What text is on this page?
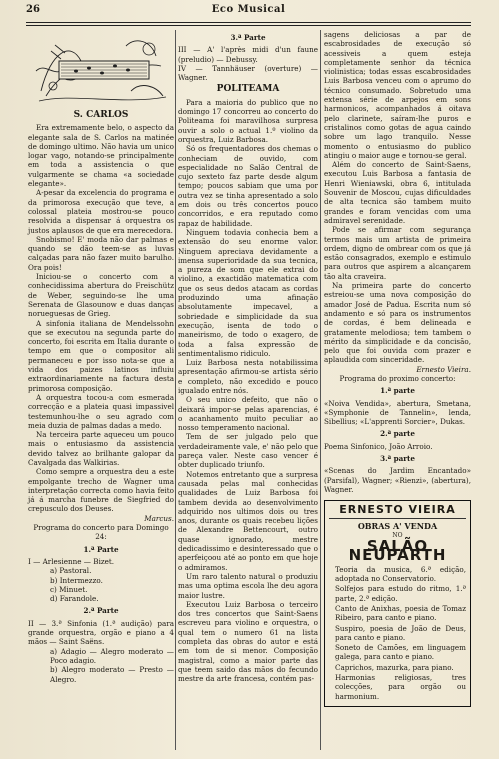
26	Eco Musical
S. CARLOS

Era extremamente belo, o aspecto da elegante sala de S. Carlos na matinée de domingo ultimo. Não havia um unico logar vago, notando-se principalmente em toda a assistencia o que vulgarmente se chama «a sociedade elegante».

A-pesar da excelencia do programa e da primorosa execução que teve, a colossal plateia mostrou-se pouco resolvida a dispensar á orquestra os justos aplausos de que era merecedora.

Snobismo! E' moda não dar palmas e quando se dão teem-se as luvas calçadas para não fazer muito barulho. Ora pois!

Iniciou-se o concerto com a conhecidissima abertura do Freischütz de Weber, seguindo-se lhe uma Serenata de Glasounow e duas danças norueguesas de Grieg.

A sinfonia italiana de Mendelssohn que se executou na segunda parte do concerto, foi escrita em Italia durante o tempo em que o compositor ali permaneceu e por isso nota-se que a vida dos paizes latinos influiu extraordinariamente na factura desta primorosa composição.

A orquestra tocou-a com esmerada correcção e a plateia quasi impassivel testemunhou-lhe o seu agrado com meia duzia de palmas dadas a medo.

Na terceira parte aqueceu um pouco mais o entusiasmo da assistencia devido talvez ao brilhante galopar da Cavalgada das Walkirias.

Como sempre a orquestra deu a este empolgante trecho de Wagner uma interpretação correcta como havia feito já á marcha funebre de Siegfried do crepusculo dos Deuses.

Marcus.

Programa do concerto para Domingo 24:

1.ª Parte

I — Arlesienne — Bizet.

a) Pastoral.

b) Intermezzo.

c) Minuet.

d) Farandole.

2.ª Parte

II — 3.ª Sinfonia (1.ª audição) para grande orquestra, orgão e piano a 4 mãos — Saint Saëns.

a) Adagio — Alegro moderato — Poco adagio.

b) Alegro moderato — Presto — Alegro.

3.ª Parte

III — A' l'après midi d'un faune (preludio) — Debussy.

IV — Tannhäuser (overture) — Wagner.

POLITEAMA

Para a maioria do publico que no domingo 17 concorreu ao concerto do Politeama foi maravilhosa surpresa ouvir a solo o actual 1.º violino da orquestra, Luiz Barbosa.

Só os frequentadores dos chemas o conheciam de ouvido, com especialidade no Salão Central de cujo sexteto faz parte desde algum tempo; poucos sabiam que uma por outra vez se tinha apresentado a solo em dois ou três concertos pouco concorridos, e era reputado como rapaz de habilidade.

Ninguem todavia conhecia bem a extensão do seu enorme valor. Ninguem apreciava devidamente a imensa superioridade da sua tecnica, a pureza de som que ele extrai do violino, a exactidão matematica com que os seus dedos atacam as cordas produzindo uma afinação absolutamente impecavel, a sobriedade e simplicidade da sua execução, isenta de todo o maneirismo, de todo o exagero, de toda a falsa expressão de sentimentalismo ridiculo.

Luiz Barbosa nesta notabilissima apresentação afirmou-se artista sério e completo, não excedido e pouco igualado entre nós.

O seu unico defeito, que não o deixará impor-se pelas aparencias, é o acanhamento muito peculiar ao nosso temperamento nacional.

Tem de ser julgado pelo que verdadeiramente vale, e' não pelo que pareça valer. Neste caso vencer é obter duplicado triunfo.

Notemos entretanto que a surpresa causada pelas mal conhecidas qualidades de Luiz Barbosa foi tambem devida ao desenvolvimento adquirido nos ultimos dois ou tres anos, durante os quais recebeu lições de Alexandre Bettencourt, outro quase ignorado, mestre dedicadissimo e desinteressado que o aperfeiçoou até ao ponto em que hoje o admiramos.

Um raro talento natural o produziu mas uma optima escola lhe deu agora maior lustre.

Executou Luiz Barbosa o terceiro dos tres concertos que Saint-Saens escreveu para violino e orquestra, o qual tem o numero 61 na lista completa das obras do autor e está em tom de si menor. Composição magistral, como a maior parte das que teem saido das mãos do fecundo mestre da arte francesa, contém pas-

sagens deliciosas a par de escabrosidades de execução só acessiveis a quem esteja completamente senhor da técnica violinistica; todas essas escabrosidades Luis Barbosa venceu com o aprumo do técnico consumado. Sobretudo uma extensa série de arpejos em sons harmonicos, acompanhados á oitava pelo clarinete, saíram-lhe puros e cristalinos como gotas de agua caindo sobre um lago tranquilo. Nesse momento o entusiasmo do publico atingiu o maior auge e tornou-se geral.

Além do concerto de Saint-Saens, executou Luis Barbosa a fantasia de Henri Wieniawski, obra 6, intitulada Souvenir de Moscou, cujas dificuldades de alta tecnica são tambem muito grandes e foram vencidas com uma admiravel serenidade.

Pode se afirmar com segurança termos mais um artista de primeira ordem, digno de ombrear com os que já estão consagrados, exemplo e estimulo para outros que aspirem a alcançarem tão alta craveira.

Na primeira parte do concerto estreiou-se uma nova composição do amador José de Padua. Escrita num só andamento e só para os instrumentos de cordas, é bem delineada e gratamente melodiosa; tem tambem o mérito da simplicidade e da concisão, pelo que foi ouvida com prazer e aplaudida com sinceridade.

Ernesto Vieira.

Programa do proximo concerto:

1.ª parte

«Noiva Vendida», abertura, Smetana, «Symphonie de Tannelin», lenda, Sibellius; «L'apprenti Sorcier», Dukas.

2.ª parte

Poema Sinfonico, João Arroio.

3.ª parte

«Scenas do Jardim Encantado» (Parsifal), Wagner; «Rienzi», (abertura), Wagner.

ERNESTO VIEIRA
OBRAS A' VENDA
NO
SALÃO NEUPARTH
Teoria da musica, 6.ª edição, adoptada no Conservatorio.
Solfejos para estudo do ritmo, 1.ª parte, 2.ª edição.
Canto de Anixhas, poesia de Tomaz Ribeiro, para canto e piano.
Suspiro, poesia de João de Deus, para canto e piano.
Soneto de Camões, em linguagem galega, para canto e piano.
Caprichos, mazurka, para piano.
Harmonias religiosas, tres colecções, para orgão ou harmonium.
